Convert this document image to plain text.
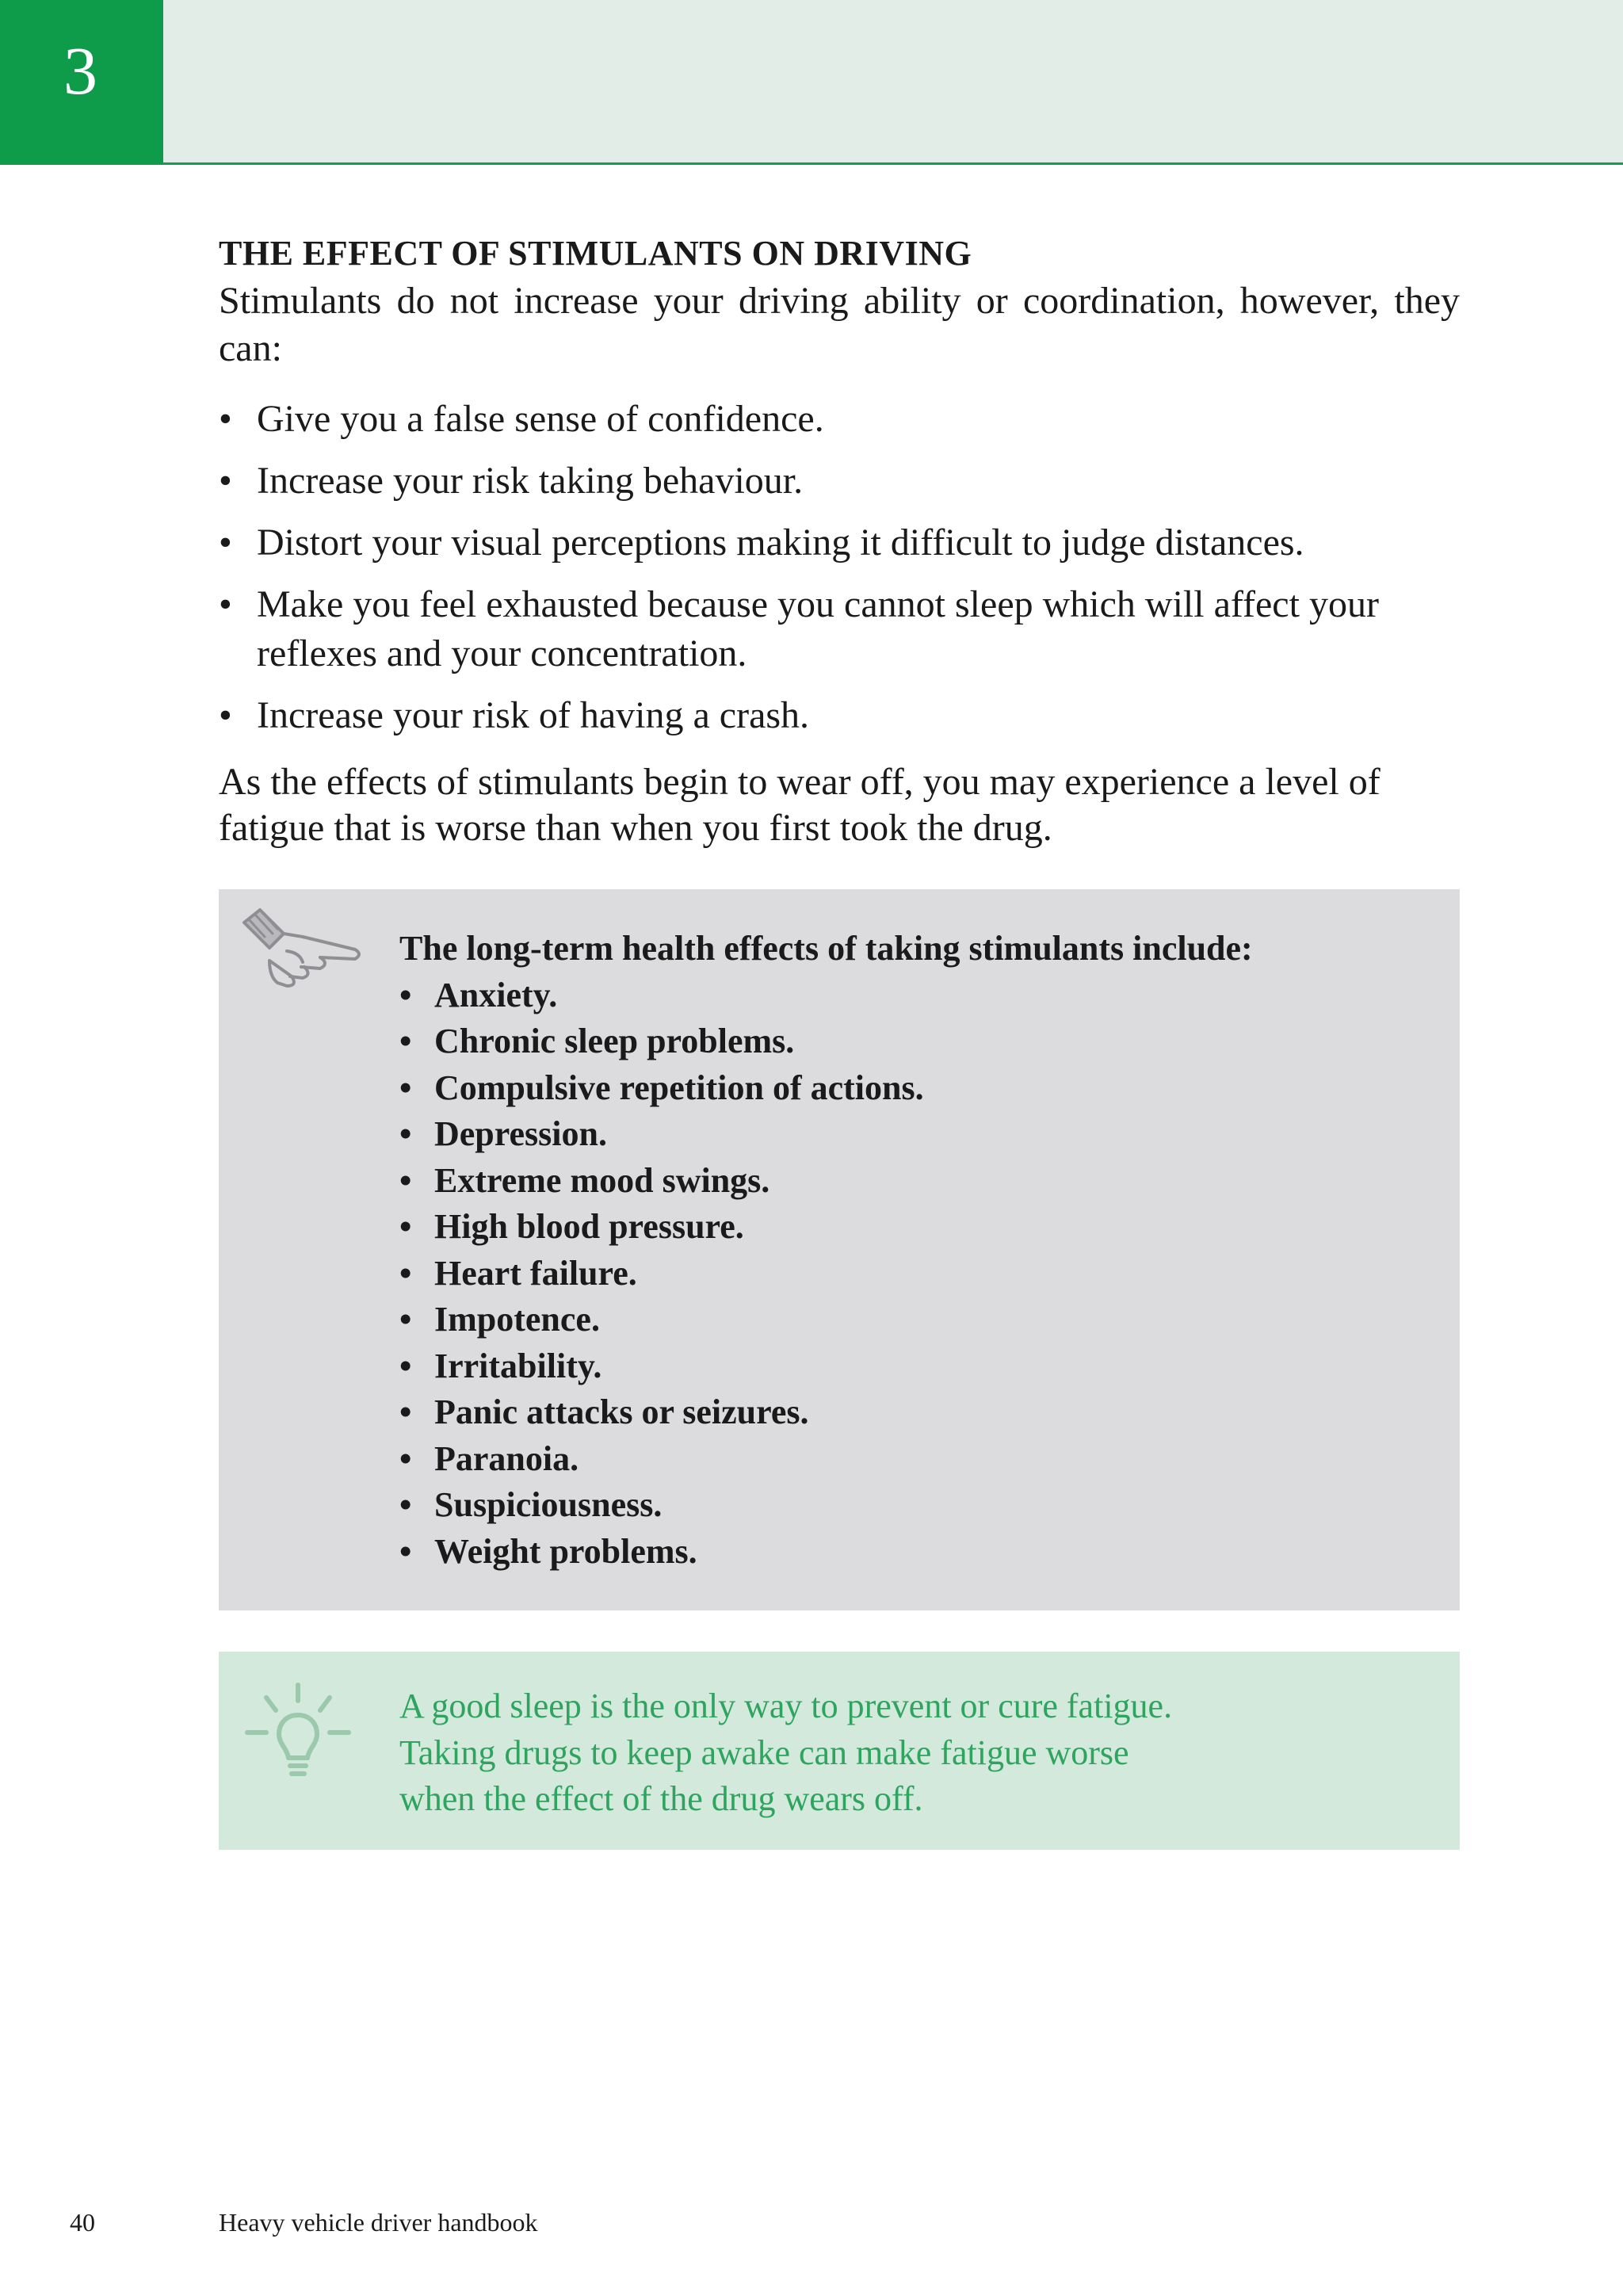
3
THE EFFECT OF STIMULANTS ON DRIVING

Stimulants do not increase your driving ability or coordination, however, they can:

• Give you a false sense of confidence.
• Increase your risk taking behaviour.
• Distort your visual perceptions making it difficult to judge distances.
• Make you feel exhausted because you cannot sleep which will affect your reflexes and your concentration.
• Increase your risk of having a crash.

As the effects of stimulants begin to wear off, you may experience a level of fatigue that is worse than when you first took the drug.

The long-term health effects of taking stimulants include:

• Anxiety.
• Chronic sleep problems.
• Compulsive repetition of actions.
• Depression.
• Extreme mood swings.
• High blood pressure.
• Heart failure.
• Impotence.
• Irritability.
• Panic attacks or seizures.
• Paranoia.
• Suspiciousness.
• Weight problems.
A good sleep is the only way to prevent or cure fatigue.
Taking drugs to keep awake can make fatigue worse
when the effect of the drug wears off.
40	Heavy vehicle driver handbook
